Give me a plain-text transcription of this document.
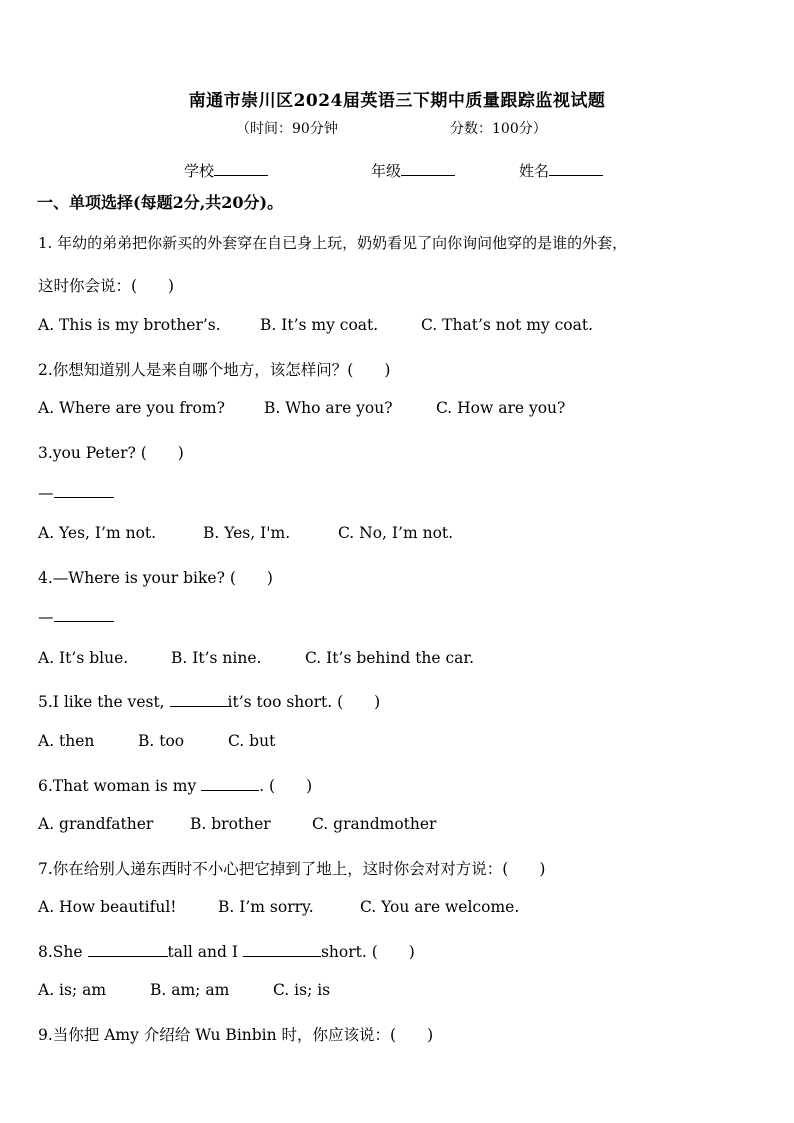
南通市崇川区2024届英语三下期中质量跟踪监视试题
（时间：90分钟	分数：100分）
学校	年级	姓名
一、单项选择(每题2分,共20分)。
1. 年幼的弟弟把你新买的外套穿在自已身上玩，奶奶看见了向你询问他穿的是谁的外套，
这时你会说：(　　)
A. This is my brother’s.	B. It’s my coat.	C. That’s not my coat.
2.你想知道别人是来自哪个地方，该怎样问？(　　)
A. Where are you from?	B. Who are you?	C. How are you?
3.you Peter? (　　)
—
A. Yes, I’m not.	B. Yes, I'm.	C. No, I’m not.
4.—Where is your bike? (　　)
—
A. It’s blue.	B. It’s nine.	C. It’s behind the car.
5.I like the vest,	it’s too short. (　　)
A. then	B. too	C. but
6.That woman is my	. (　　)
A. grandfather B. brother	C. grandmother
7.你在给别人递东西时不小心把它掉到了地上，这时你会对对方说：(　　)
A. How beautiful!	B. I’m sorry.	C. You are welcome.
8.She	tall and I	short. (　　)
A. is; am	B. am; am	C. is; is
9.当你把 Amy 介绍给 Wu Binbin 时，你应该说：(　　)
